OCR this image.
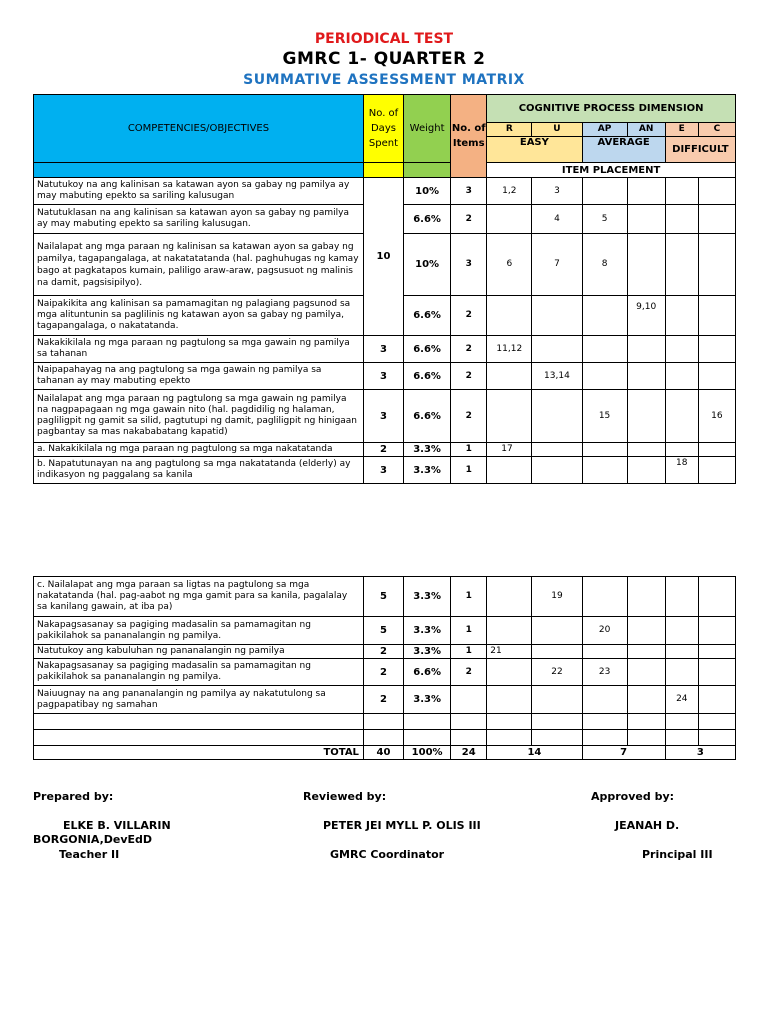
PERIODICAL TEST
GMRC 1- QUARTER 2
SUMMATIVE ASSESSMENT MATRIX
COMPETENCIES/OBJECTIVES	No. of Days Spent	Weight	No. of Items	COGNITIVE PROCESS DIMENSION					
				R	U	AP	AN	E	C
				EASY		AVERAGE		DIFFICULT	
				ITEM PLACEMENT					
Natutukoy na ang kalinisan sa katawan ayon sa gabay ng pamilya ay may mabuting epekto sa sariling kalusugan	10	10%	3	1,2	3				
Natutuklasan na ang kalinisan sa katawan ayon sa gabay ng pamilya ay may mabuting epekto sa sariling kalusugan.		6.6%	2		4	5			
Nailalapat ang mga paraan ng kalinisan sa katawan ayon sa gabay ng pamilya, tagapangalaga, at nakatatatanda (hal. paghuhugas ng kamay bago at pagkatapos kumain, paliligo araw-araw, pagsusuot ng malinis na damit, pagsisipilyo).		10%	3	6	7	8			
Naipakikita ang kalinisan sa pamamagitan ng palagiang pagsunod sa mga alituntunin sa paglilinis ng katawan ayon sa gabay ng pamilya, tagapangalaga, o nakatatanda.		6.6%	2				9,10		
Nakakikilala ng mga paraan ng pagtulong sa mga gawain ng pamilya sa tahanan	3	6.6%	2	11,12					
Naipapahayag na ang pagtulong sa mga gawain ng pamilya sa tahanan ay may mabuting epekto	3	6.6%	2		13,14				
Nailalapat ang mga paraan ng pagtulong sa mga gawain ng pamilya na nagpapagaan ng mga gawain nito (hal. pagdidilig ng halaman, pagliligpit ng gamit sa silid, pagtutupi ng damit, pagliligpit ng hinigaan pagbantay sa mas nakababatang kapatid)	3	6.6%	2			15			16
a. Nakakikilala ng mga paraan ng pagtulong sa mga nakatatanda	2	3.3%	1	17					
b. Napatutunayan na ang pagtulong sa mga nakatatanda (elderly) ay indikasyon ng paggalang sa kanila	3	3.3%	1					18	
c. Nailalapat ang mga paraan sa ligtas na pagtulong sa mga nakatatanda (hal. pag-aabot ng mga gamit para sa kanila, pagalalay sa kanilang gawain, at iba pa)	5	3.3%	1		19				
Nakapagsasanay sa pagiging madasalin sa pamamagitan ng pakikilahok sa pananalangin ng pamilya.	5	3.3%	1			20			
Natutukoy ang kabuluhan ng pananalangin ng pamilya	2	3.3%	1	21					
Nakapagsasanay sa pagiging madasalin sa pamamagitan ng pakikilahok sa pananalangin ng pamilya.	2	6.6%	2		22	23			
Naiuugnay na ang pananalangin ng pamilya ay nakatutulong sa pagpapatibay ng samahan	2	3.3%						24	

TOTAL	40	100%	24	14		7		3	
Prepared by:	Reviewed by:	Approved by:
ELKE B. VILLARIN
BORGONIA,DevEdD
Teacher II
PETER JEI MYLL P. OLIS III
GMRC Coordinator
JEANAH D.
Principal III
